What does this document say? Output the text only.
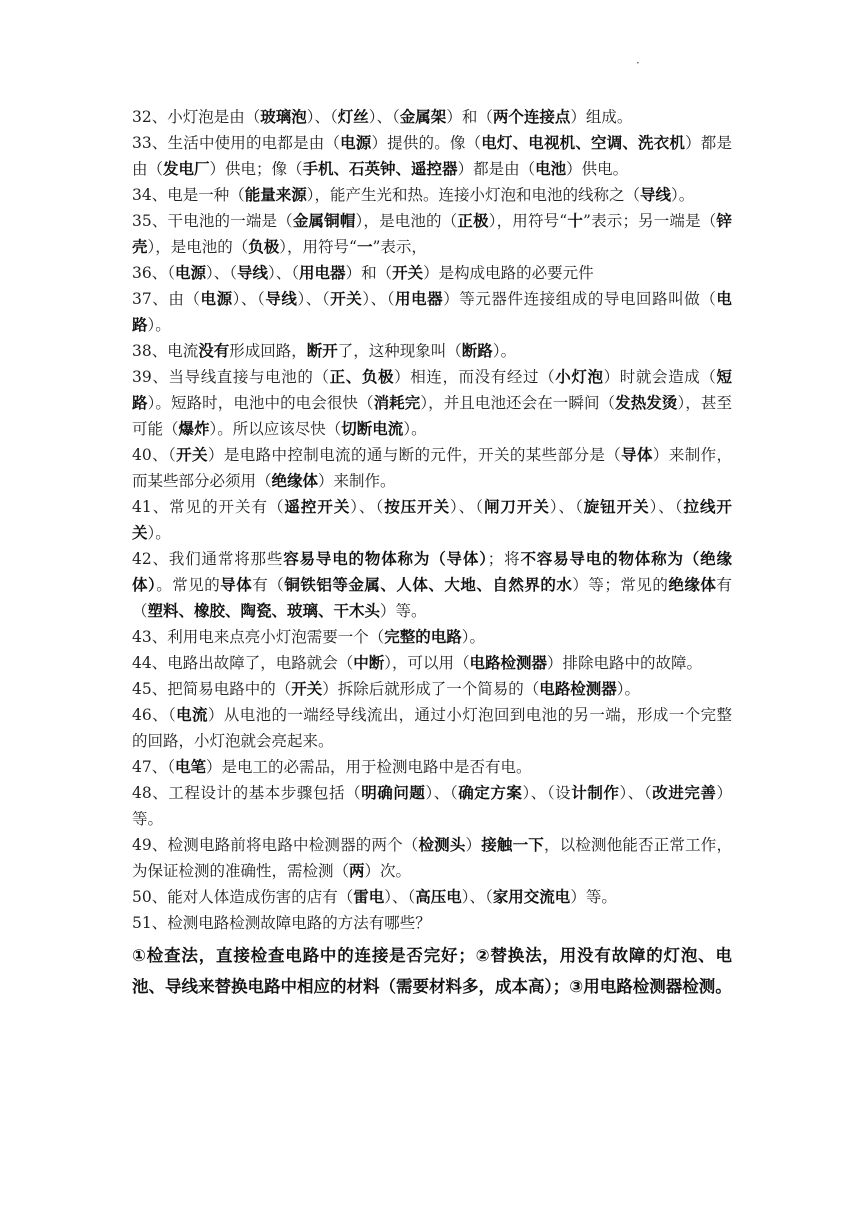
·

32、小灯泡是由（玻璃泡）、（灯丝）、（金属架）和（两个连接点）组成。

33、生活中使用的电都是由（电源）提供的。像（电灯、电视机、空调、洗衣机）都是由（发电厂）供电；像（手机、石英钟、遥控器）都是由（电池）供电。

34、电是一种（能量来源），能产生光和热。连接小灯泡和电池的线称之（导线）。

35、干电池的一端是（金属铜帽），是电池的（正极），用符号“十”表示；另一端是（锌壳），是电池的（负极），用符号“一”表示，

36、（电源）、（导线）、（用电器）和（开关）是构成电路的必要元件

37、由（电源）、（导线）、（开关）、（用电器）等元器件连接组成的导电回路叫做（电路）。

38、电流没有形成回路，断开了，这种现象叫（断路）。

39、当导线直接与电池的（正、负极）相连，而没有经过（小灯泡）时就会造成（短路）。短路时，电池中的电会很快（消耗完），并且电池还会在一瞬间（发热发烫），甚至可能（爆炸）。所以应该尽快（切断电流）。

40、（开关）是电路中控制电流的通与断的元件，开关的某些部分是（导体）来制作，而某些部分必须用（绝缘体）来制作。

41、常见的开关有（遥控开关）、（按压开关）、（闸刀开关）、（旋钮开关）、（拉线开关）。

42、我们通常将那些容易导电的物体称为（导体）；将不容易导电的物体称为（绝缘体）。常见的导体有（铜铁铝等金属、人体、大地、自然界的水）等；常见的绝缘体有（塑料、橡胶、陶瓷、玻璃、干木头）等。

43、利用电来点亮小灯泡需要一个（完整的电路）。

44、电路出故障了，电路就会（中断），可以用（电路检测器）排除电路中的故障。

45、把简易电路中的（开关）拆除后就形成了一个简易的（电路检测器）。

46、（电流）从电池的一端经导线流出，通过小灯泡回到电池的另一端，形成一个完整的回路，小灯泡就会亮起来。

47、（电笔）是电工的必需品，用于检测电路中是否有电。

48、工程设计的基本步骤包括（明确问题）、（确定方案）、（设计制作）、（改进完善）等。

49、检测电路前将电路中检测器的两个（检测头）接触一下，以检测他能否正常工作，为保证检测的准确性，需检测（两）次。

50、能对人体造成伤害的店有（雷电）、（高压电）、（家用交流电）等。

51、检测电路检测故障电路的方法有哪些？

①检查法，直接检查电路中的连接是否完好；②替换法，用没有故障的灯泡、电池、导线来替换电路中相应的材料（需要材料多，成本高）；③用电路检测器检测。
